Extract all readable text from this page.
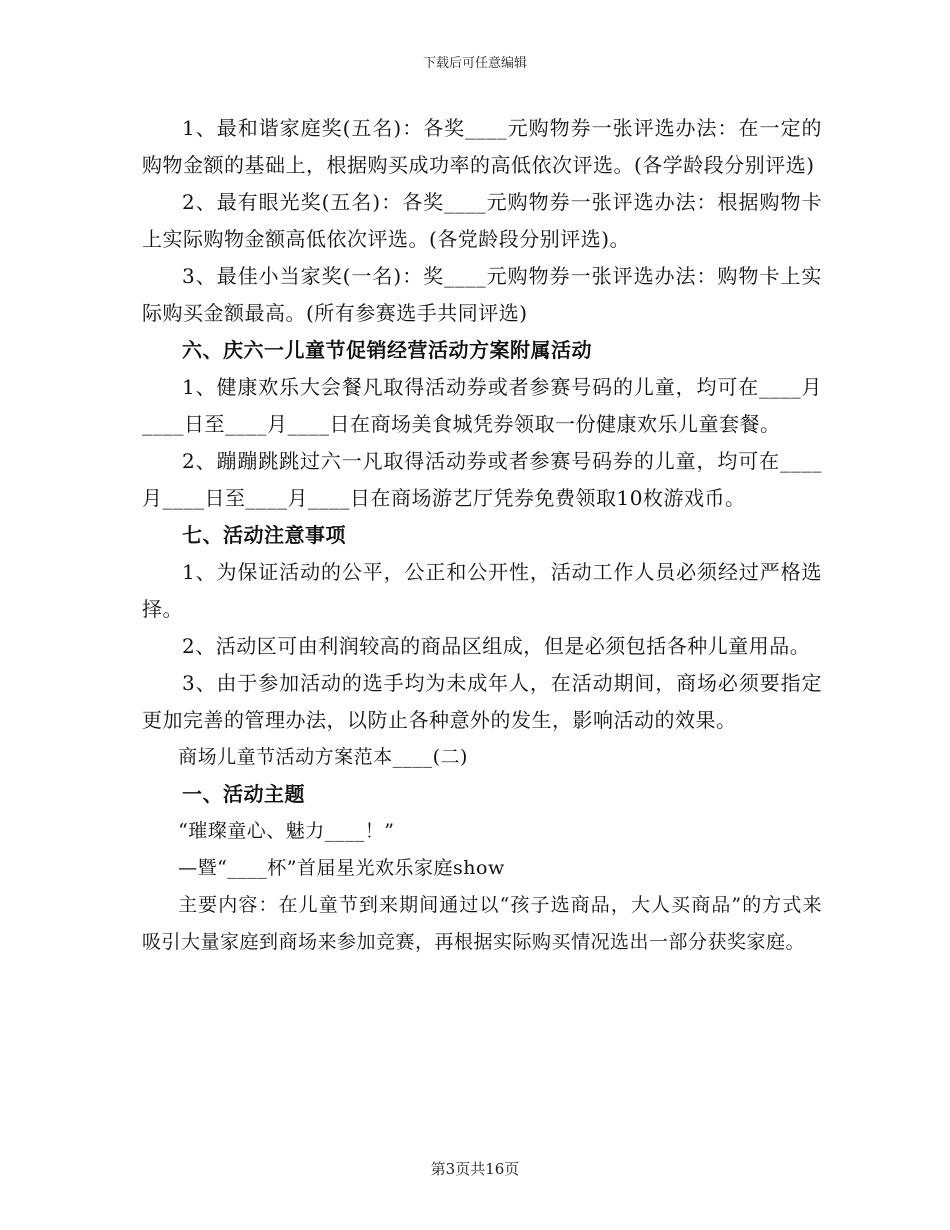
下载后可任意编辑

1、最和谐家庭奖(五名)：各奖____元购物券一张评选办法：在一定的购物金额的基础上，根据购买成功率的高低依次评选。(各学龄段分别评选)

2、最有眼光奖(五名)：各奖____元购物券一张评选办法：根据购物卡上实际购物金额高低依次评选。(各党龄段分别评选)。

3、最佳小当家奖(一名)：奖____元购物券一张评选办法：购物卡上实际购买金额最高。(所有参赛选手共同评选)

六、庆六一儿童节促销经营活动方案附属活动

1、健康欢乐大会餐凡取得活动券或者参赛号码的儿童，均可在____月____日至____月____日在商场美食城凭券领取一份健康欢乐儿童套餐。

2、蹦蹦跳跳过六一凡取得活动券或者参赛号码券的儿童，均可在____月____日至____月____日在商场游艺厅凭券免费领取10枚游戏币。

七、活动注意事项

1、为保证活动的公平，公正和公开性，活动工作人员必须经过严格选择。

2、活动区可由利润较高的商品区组成，但是必须包括各种儿童用品。

3、由于参加活动的选手均为未成年人，在活动期间，商场必须要指定更加完善的管理办法，以防止各种意外的发生，影响活动的效果。

商场儿童节活动方案范本____(二)

一、活动主题

“璀璨童心、魅力____！”

—暨“____杯”首届星光欢乐家庭show

主要内容：在儿童节到来期间通过以“孩子选商品，大人买商品”的方式来吸引大量家庭到商场来参加竞赛，再根据实际购买情况选出一部分获奖家庭。

第3页共16页
